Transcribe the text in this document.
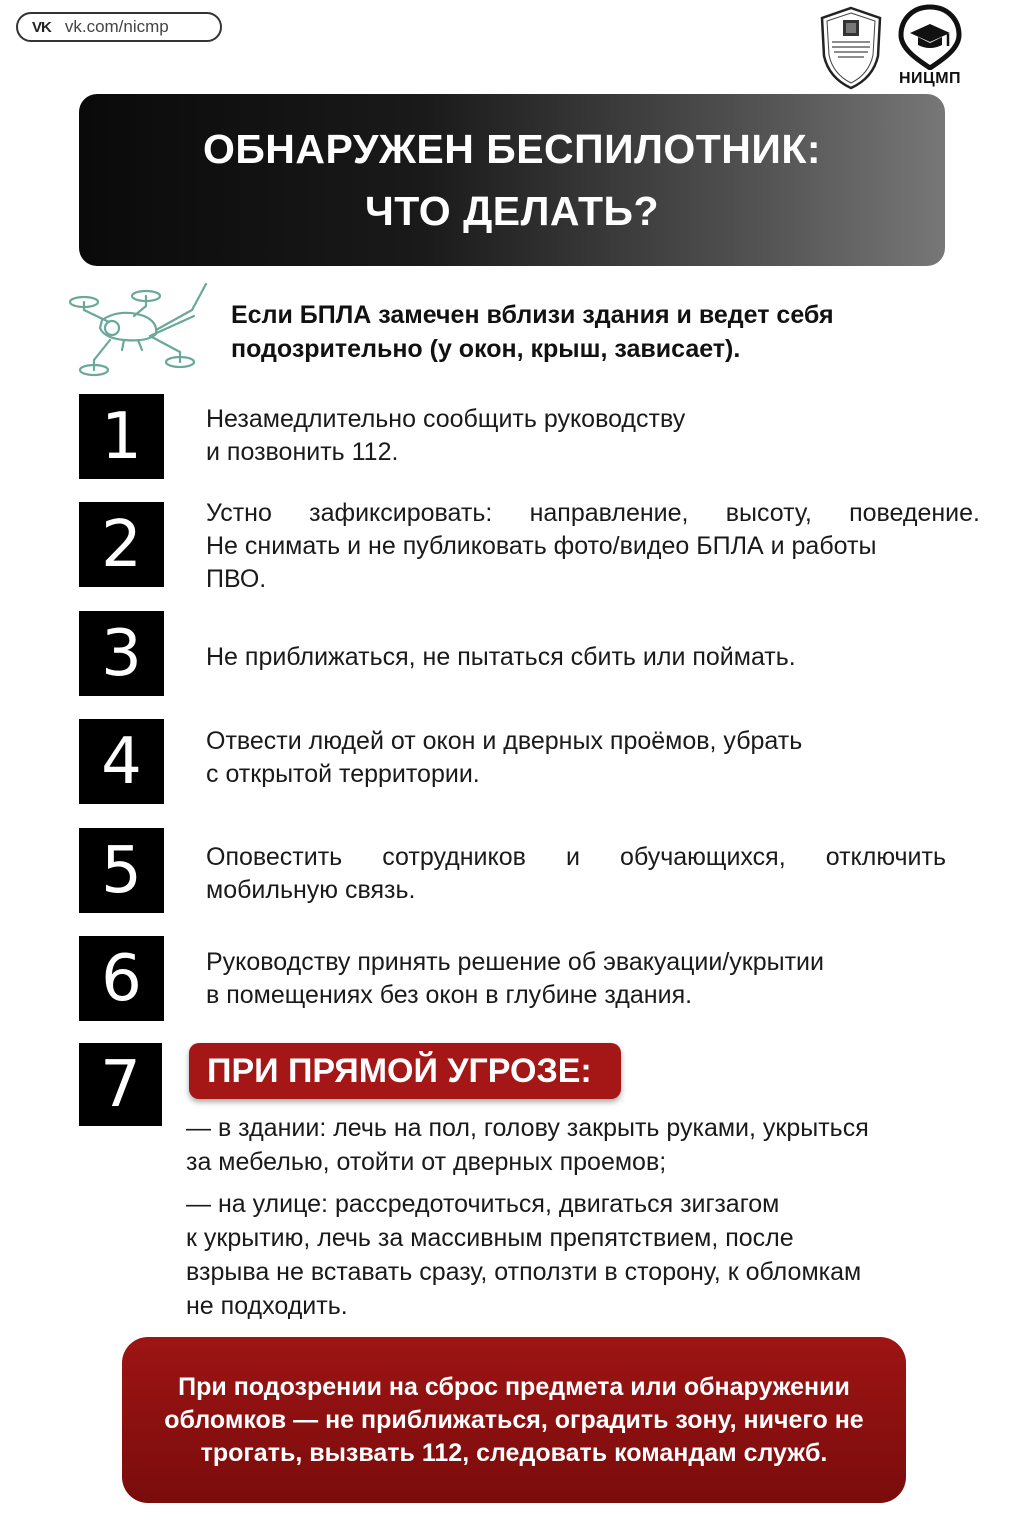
VK vk.com/nicmp
НИЦМП
ОБНАРУЖЕН БЕСПИЛОТНИК:
ЧТО ДЕЛАТЬ?
Если БПЛА замечен вблизи здания и ведет себя
подозрительно (у окон, крыш, зависает).
1	Незамедлительно сообщить руководству
и позвонить 112.
2	Устно зафиксировать: направление, высоту, поведение.
Не снимать и не публиковать фото/видео БПЛА и работы
ПВО.
3	Не приближаться, не пытаться сбить или поймать.
4	Отвести людей от окон и дверных проёмов, убрать
с открытой территории.
5	Оповестить сотрудников и обучающихся, отключить
мобильную связь.
6	Руководству принять решение об эвакуации/укрытии
в помещениях без окон в глубине здания.
7	ПРИ ПРЯМОЙ УГРОЗЕ:
— в здании: лечь на пол, голову закрыть руками, укрыться
за мебелью, отойти от дверных проемов;
— на улице: рассредоточиться, двигаться зигзагом
к укрытию, лечь за массивным препятствием, после
взрыва не вставать сразу, отползти в сторону, к обломкам
не подходить.
При подозрении на сброс предмета или обнаружении
обломков — не приближаться, оградить зону, ничего не
трогать, вызвать 112, следовать командам служб.
